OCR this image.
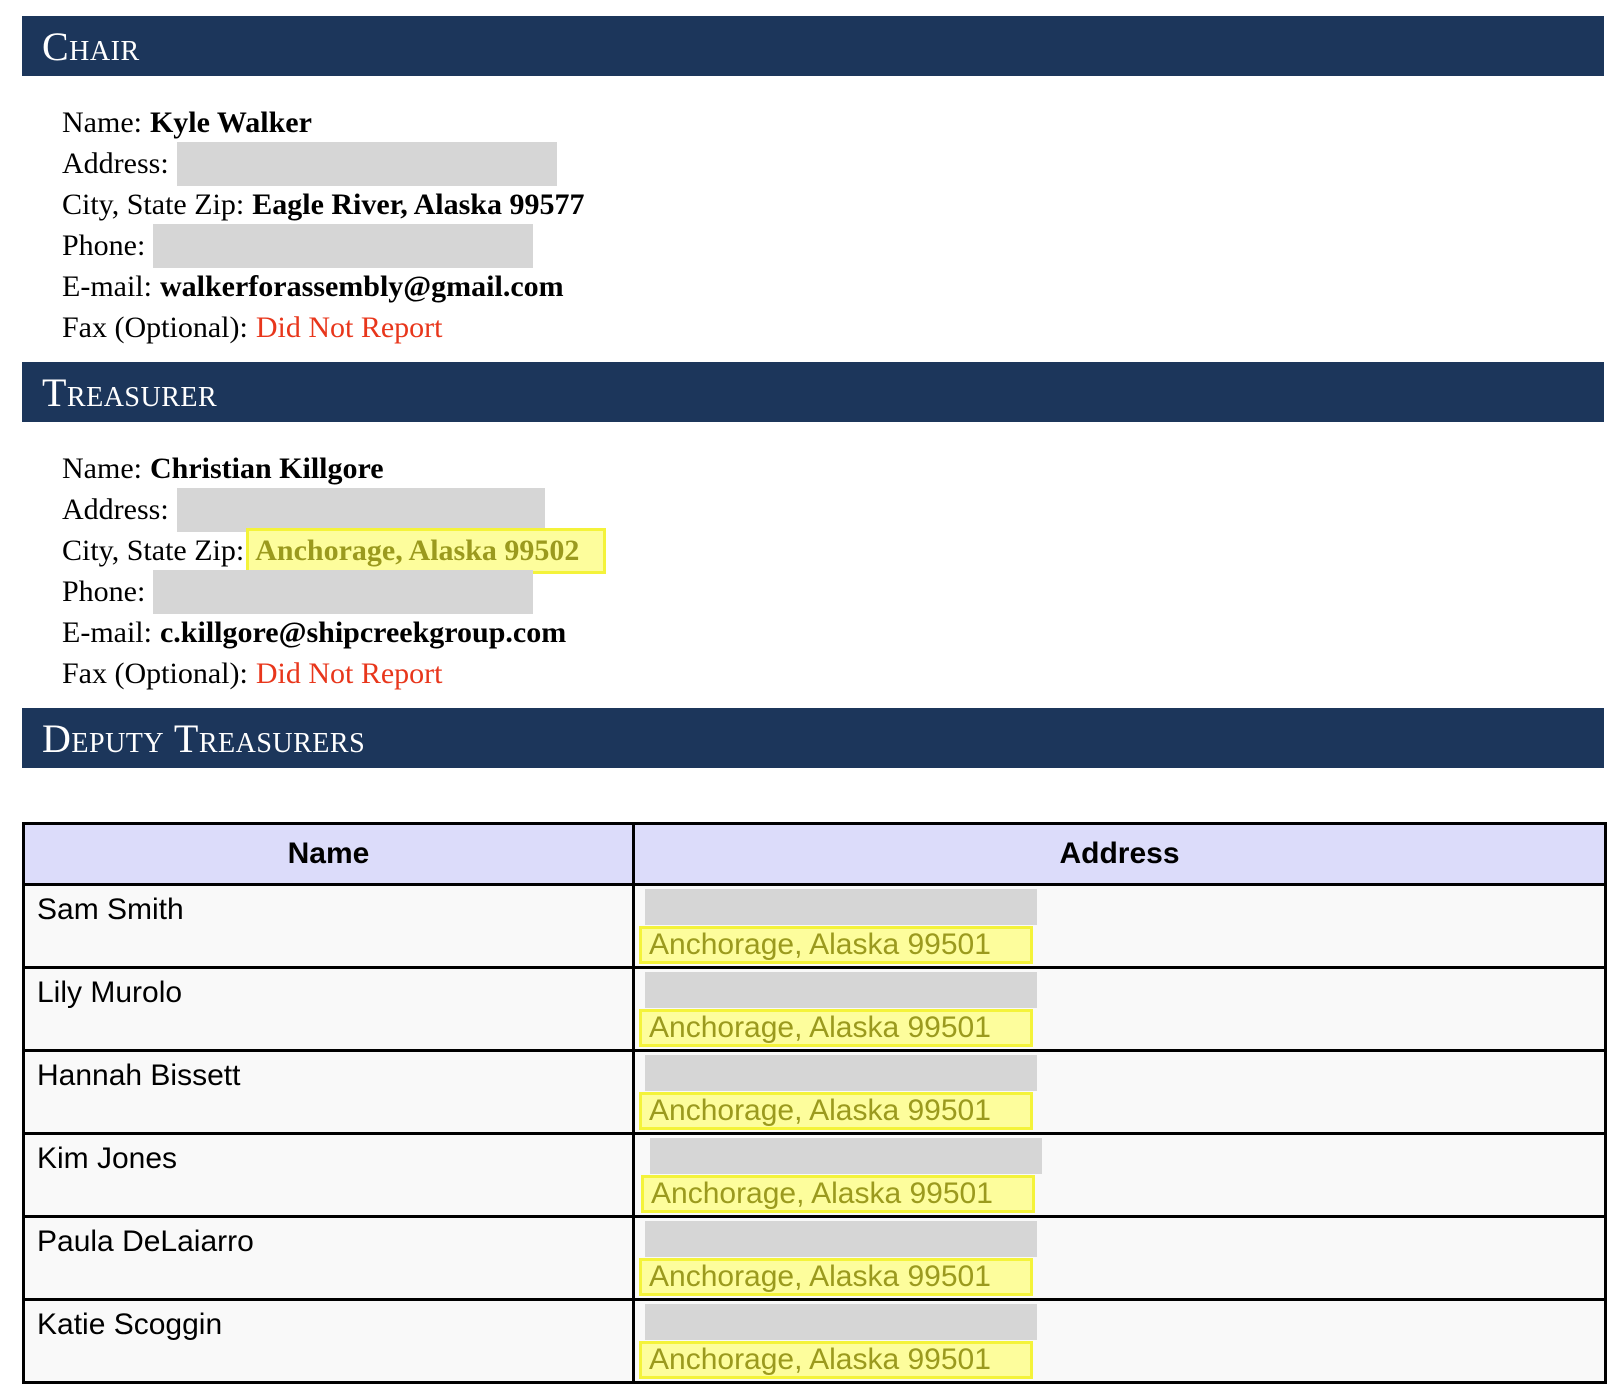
Chair
Name: Kyle Walker
Address:
City, State Zip: Eagle River, Alaska 99577
Phone:
E-mail: walkerforassembly@gmail.com
Fax (Optional): Did Not Report
Treasurer
Name: Christian Killgore
Address:
City, State Zip: Anchorage, Alaska 99502
Phone:
E-mail: c.killgore@shipcreekgroup.com
Fax (Optional): Did Not Report
Deputy Treasurers
Name	Address

Sam Smith	Anchorage, Alaska 99501

Lily Murolo	Anchorage, Alaska 99501

Hannah Bissett	Anchorage, Alaska 99501

Kim Jones	Anchorage, Alaska 99501

Paula DeLaiarro	Anchorage, Alaska 99501

Katie Scoggin	Anchorage, Alaska 99501
